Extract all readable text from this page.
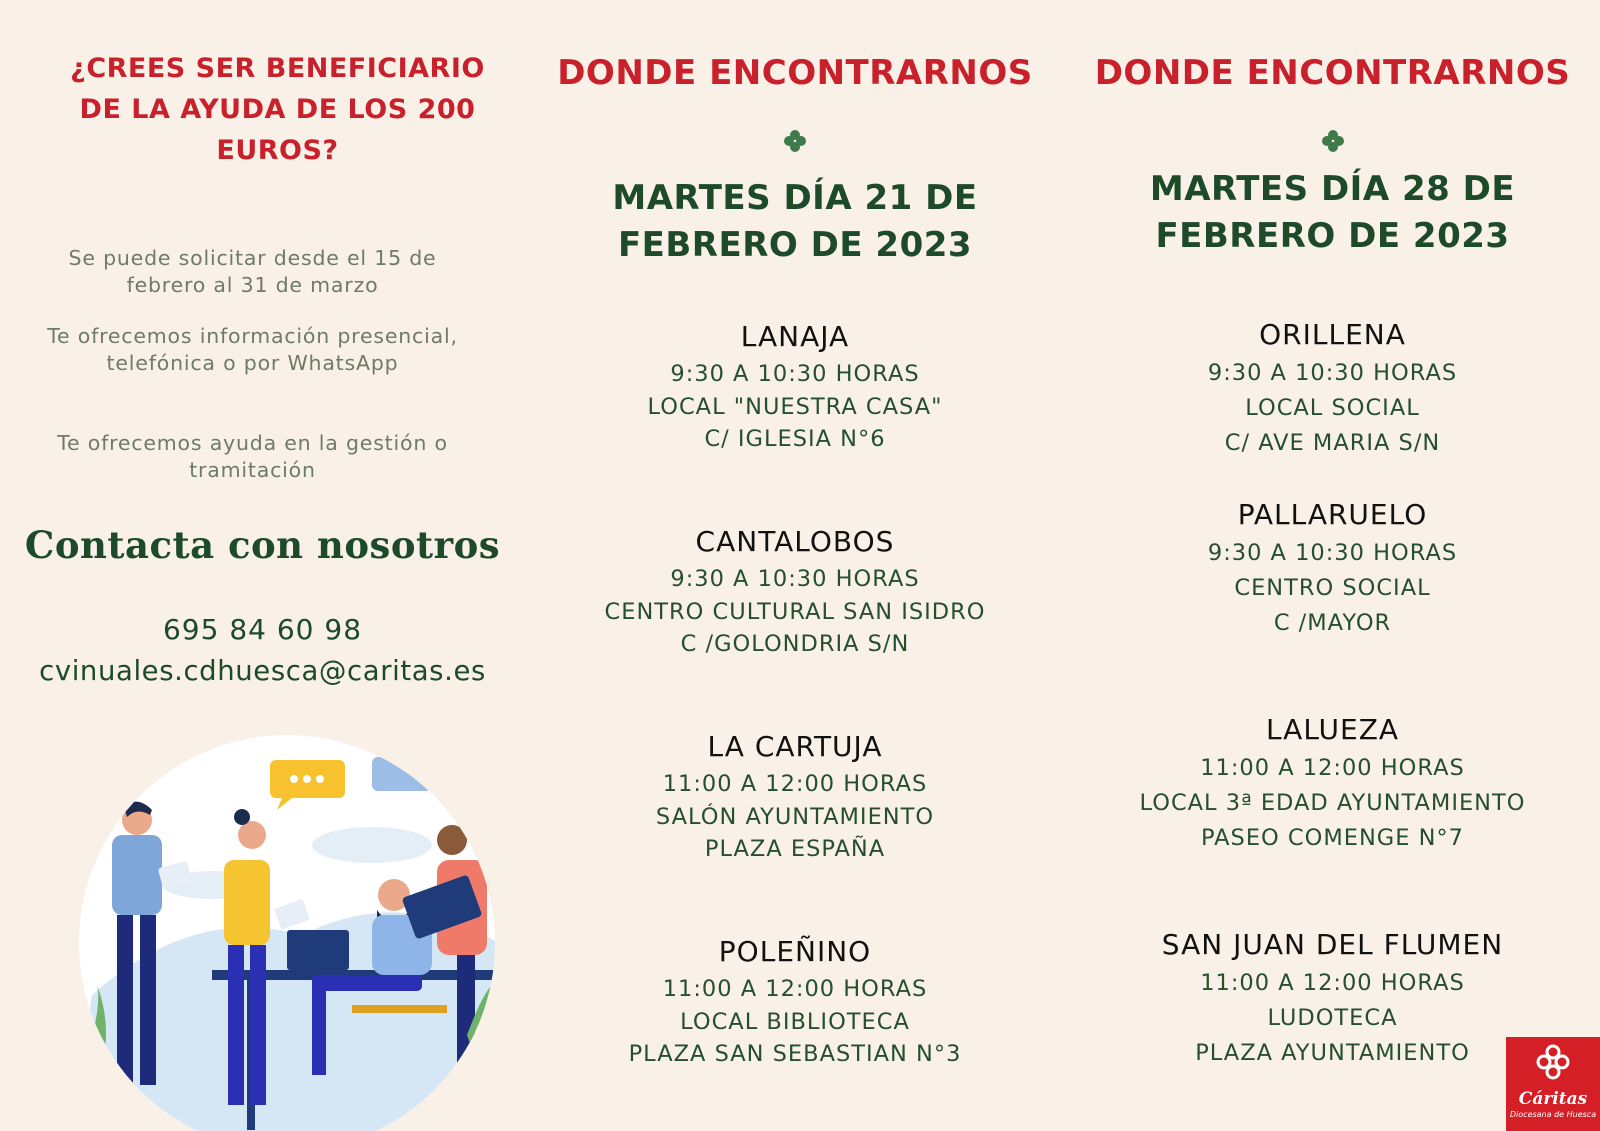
¿CREES SER BENEFICIARIO DE LA AYUDA DE LOS 200 EUROS?
Se puede solicitar desde el 15 de febrero al 31 de marzo
Te ofrecemos información presencial, telefónica o por WhatsApp
Te ofrecemos ayuda en la gestión o tramitación
Contacta con nosotros
695 84 60 98
cvinuales.cdhuesca@caritas.es
DONDE ENCONTRARNOS
MARTES DÍA 21 DE FEBRERO DE 2023
LANAJA
9:30 A 10:30 HORAS
LOCAL "NUESTRA CASA"
C/ IGLESIA N°6
CANTALOBOS
9:30 A 10:30 HORAS
CENTRO CULTURAL SAN ISIDRO
C /GOLONDRIA S/N
LA CARTUJA
11:00 A 12:00 HORAS
SALÓN AYUNTAMIENTO
PLAZA ESPAÑA
POLEÑINO
11:00 A 12:00 HORAS
LOCAL BIBLIOTECA
PLAZA SAN SEBASTIAN N°3
DONDE ENCONTRARNOS
MARTES DÍA 28 DE FEBRERO DE 2023
ORILLENA
9:30 A 10:30 HORAS
LOCAL SOCIAL
C/ AVE MARIA S/N
PALLARUELO
9:30 A 10:30 HORAS
CENTRO SOCIAL
C /MAYOR
LALUEZA
11:00 A 12:00 HORAS
LOCAL 3ª EDAD AYUNTAMIENTO
PASEO COMENGE N°7
SAN JUAN DEL FLUMEN
11:00 A 12:00 HORAS
LUDOTECA
PLAZA AYUNTAMIENTO
Cáritas
Diocesana de Huesca
